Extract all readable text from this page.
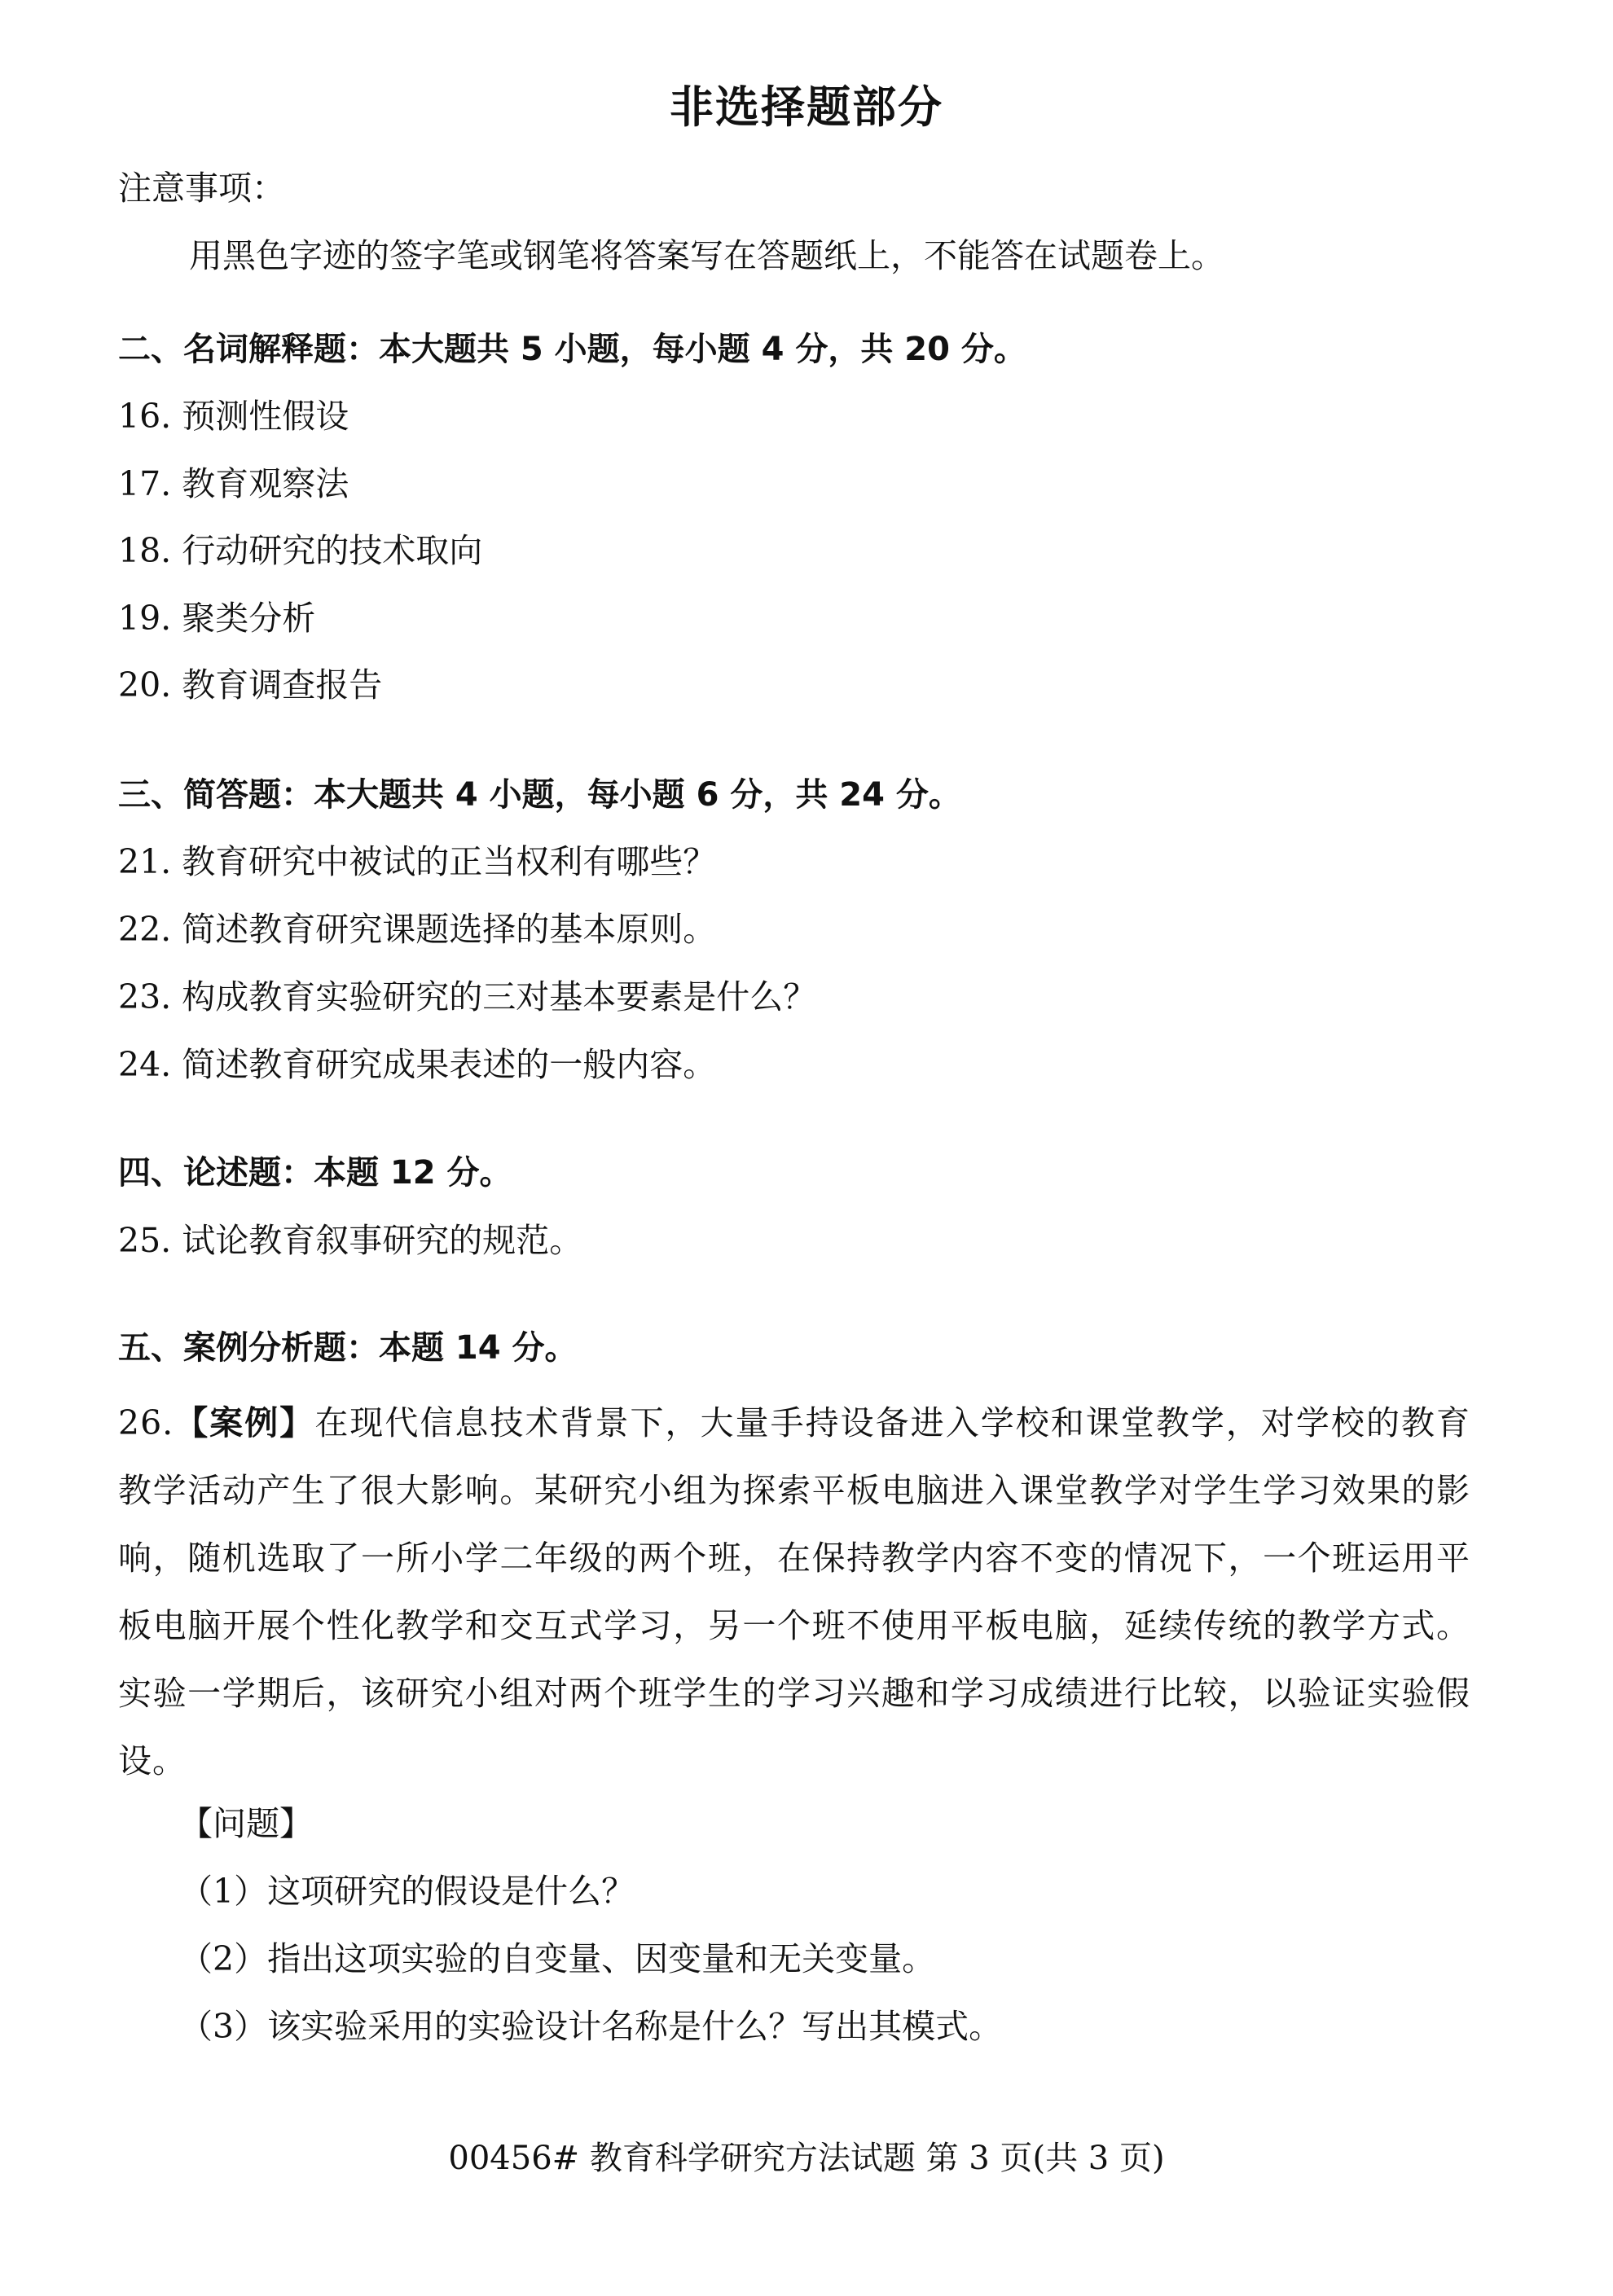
非选择题部分
注意事项：
用黑色字迹的签字笔或钢笔将答案写在答题纸上，不能答在试题卷上。
二、名词解释题：本大题共 5 小题，每小题 4 分，共 20 分。
16. 预测性假设
17. 教育观察法
18. 行动研究的技术取向
19. 聚类分析
20. 教育调查报告
三、简答题：本大题共 4 小题，每小题 6 分，共 24 分。
21. 教育研究中被试的正当权利有哪些？
22. 简述教育研究课题选择的基本原则。
23. 构成教育实验研究的三对基本要素是什么？
24. 简述教育研究成果表述的一般内容。
四、论述题：本题 12 分。
25. 试论教育叙事研究的规范。
五、案例分析题：本题 14 分。
26.【案例】在现代信息技术背景下，大量手持设备进入学校和课堂教学，对学校的教育教学活动产生了很大影响。某研究小组为探索平板电脑进入课堂教学对学生学习效果的影响，随机选取了一所小学二年级的两个班，在保持教学内容不变的情况下，一个班运用平板电脑开展个性化教学和交互式学习，另一个班不使用平板电脑，延续传统的教学方式。实验一学期后，该研究小组对两个班学生的学习兴趣和学习成绩进行比较，以验证实验假设。
【问题】
（1）这项研究的假设是什么？
（2）指出这项实验的自变量、因变量和无关变量。
（3）该实验采用的实验设计名称是什么？写出其模式。
00456# 教育科学研究方法试题 第 3 页(共 3 页)
